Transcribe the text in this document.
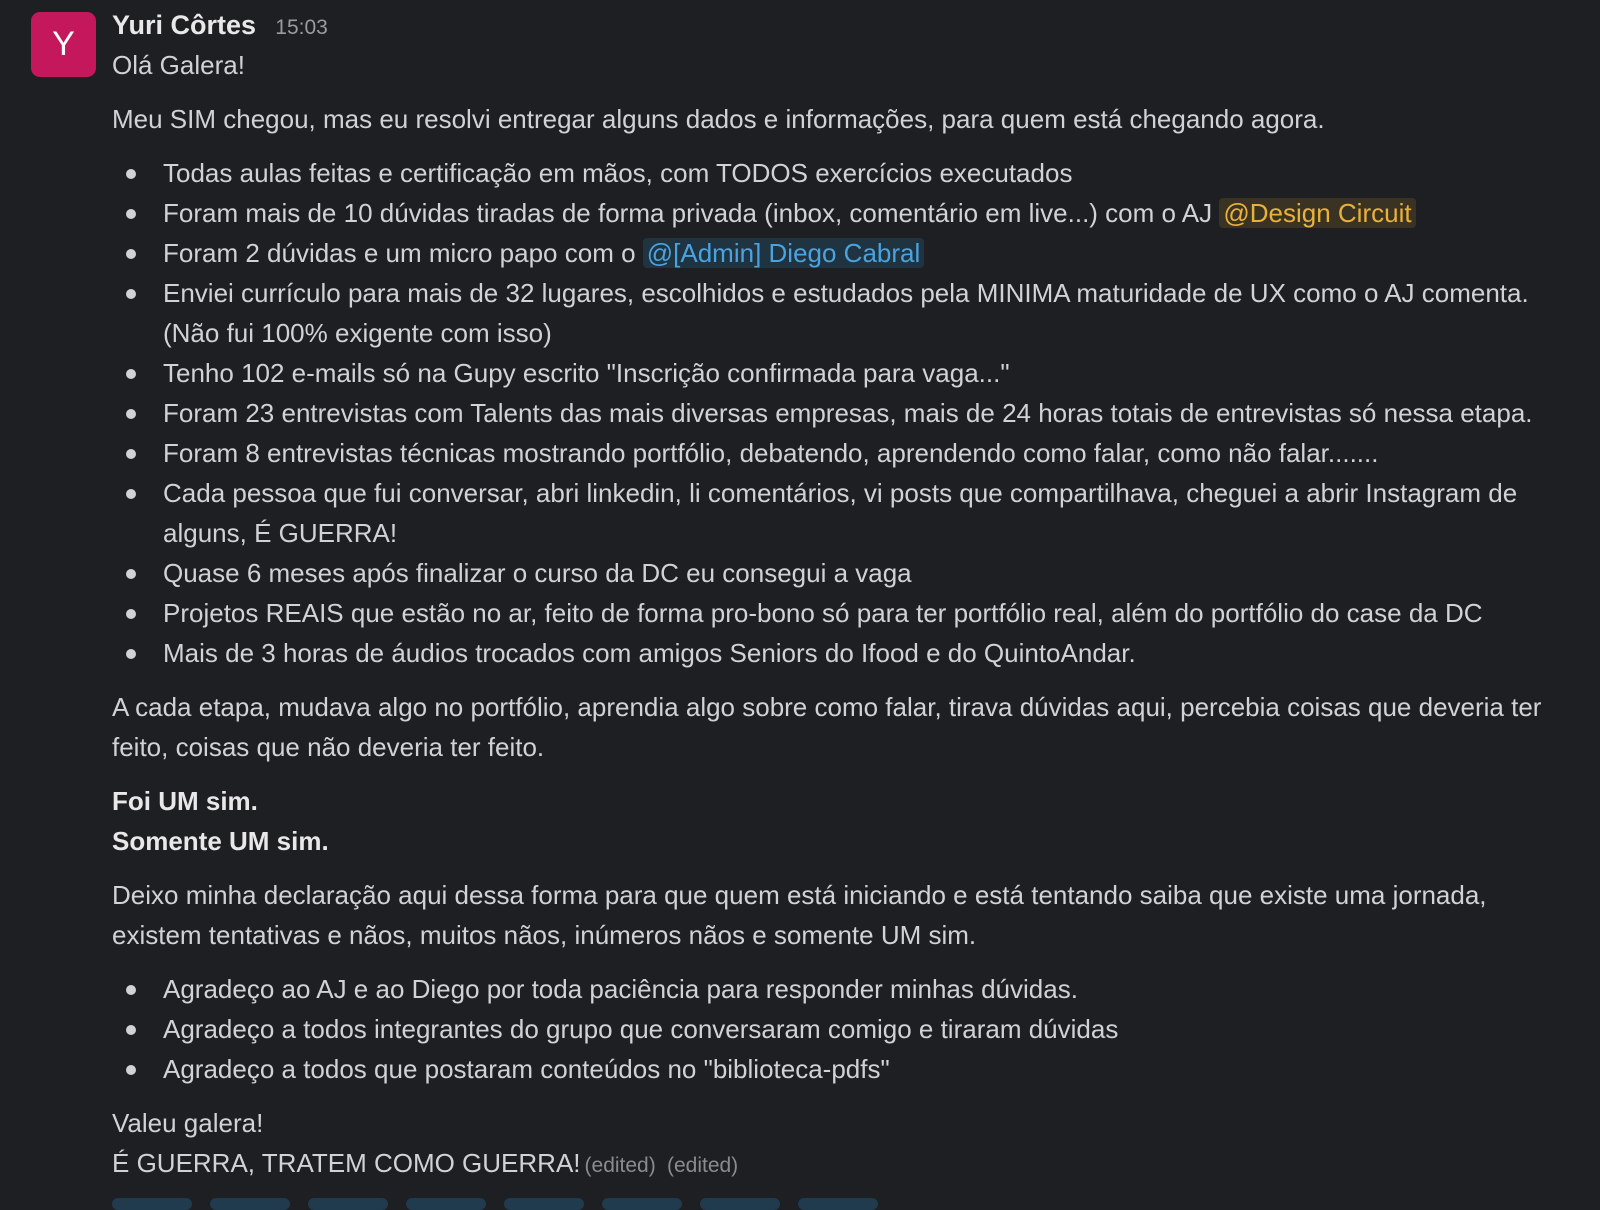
Y	Yuri Côrtes 15:03

Olá Galera!

Meu SIM chegou, mas eu resolvi entregar alguns dados e informações, para quem está chegando agora.

Todas aulas feitas e certificação em mãos, com TODOS exercícios executados
Foram mais de 10 dúvidas tiradas de forma privada (inbox, comentário em live...) com o AJ @Design Circuit
Foram 2 dúvidas e um micro papo com o @[Admin] Diego Cabral
Enviei currículo para mais de 32 lugares, escolhidos e estudados pela MINIMA maturidade de UX como o AJ comenta. (Não fui 100% exigente com isso)
Tenho 102 e-mails só na Gupy escrito "Inscrição confirmada para vaga..."
Foram 23 entrevistas com Talents das mais diversas empresas, mais de 24 horas totais de entrevistas só nessa etapa.
Foram 8 entrevistas técnicas mostrando portfólio, debatendo, aprendendo como falar, como não falar.......
Cada pessoa que fui conversar, abri linkedin, li comentários, vi posts que compartilhava, cheguei a abrir Instagram de alguns, É GUERRA!
Quase 6 meses após finalizar o curso da DC eu consegui a vaga
Projetos REAIS que estão no ar, feito de forma pro-bono só para ter portfólio real, além do portfólio do case da DC
Mais de 3 horas de áudios trocados com amigos Seniors do Ifood e do QuintoAndar.

A cada etapa, mudava algo no portfólio, aprendia algo sobre como falar, tirava dúvidas aqui, percebia coisas que deveria ter feito, coisas que não deveria ter feito.

Foi UM sim.

Somente UM sim.

Deixo minha declaração aqui dessa forma para que quem está iniciando e está tentando saiba que existe uma jornada, existem tentativas e nãos, muitos nãos, inúmeros nãos e somente UM sim.

Agradeço ao AJ e ao Diego por toda paciência para responder minhas dúvidas.
Agradeço a todos integrantes do grupo que conversaram comigo e tiraram dúvidas
Agradeço a todos que postaram conteúdos no "biblioteca-pdfs"

Valeu galera!

É GUERRA, TRATEM COMO GUERRA! (edited) (edited)
